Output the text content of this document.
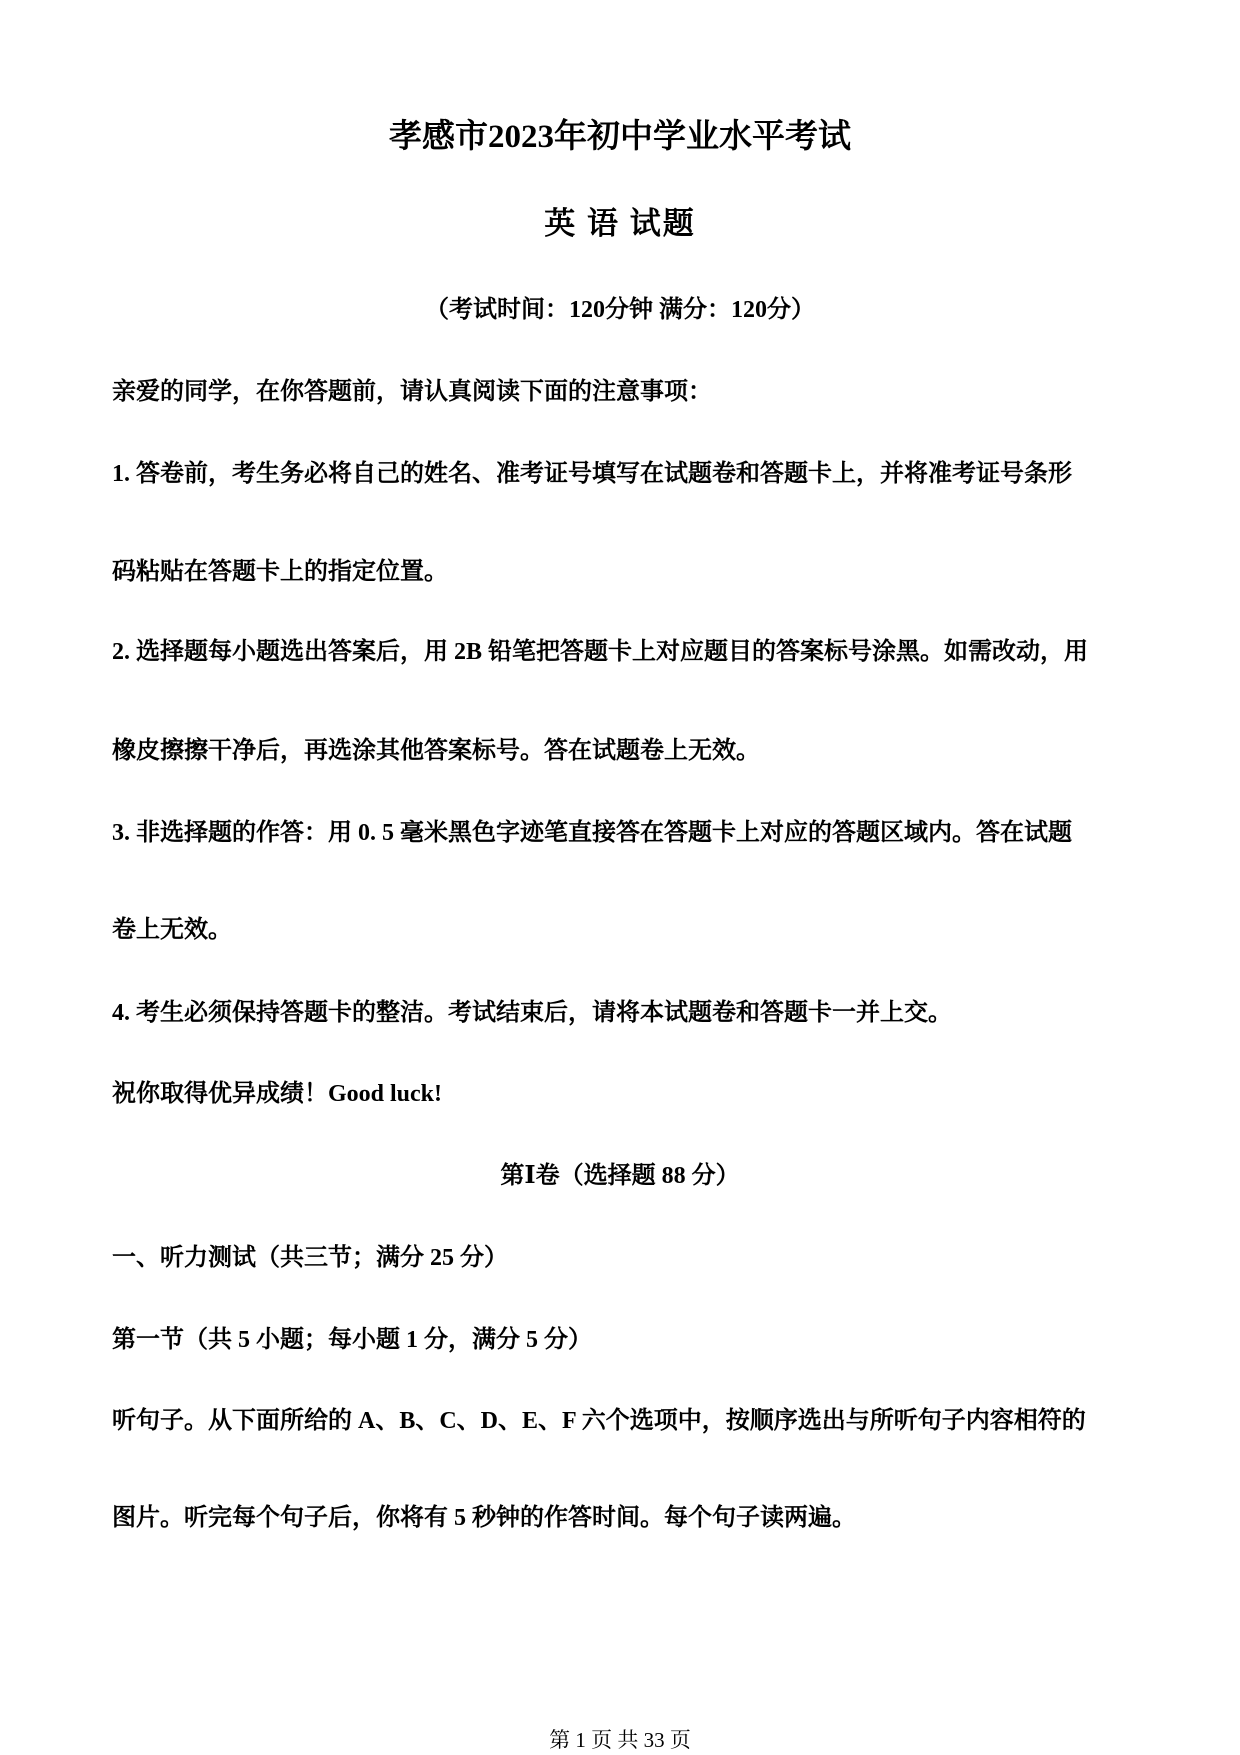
孝感市2023年初中学业水平考试
英 语 试题
（考试时间：120分钟 满分：120分）
亲爱的同学，在你答题前，请认真阅读下面的注意事项：
1. 答卷前，考生务必将自己的姓名、准考证号填写在试题卷和答题卡上，并将准考证号条形
码粘贴在答题卡上的指定位置。
2. 选择题每小题选出答案后，用 2B 铅笔把答题卡上对应题目的答案标号涂黑。如需改动，用
橡皮擦擦干净后，再选涂其他答案标号。答在试题卷上无效。
3. 非选择题的作答：用 0. 5 毫米黑色字迹笔直接答在答题卡上对应的答题区域内。答在试题
卷上无效。
4. 考生必须保持答题卡的整洁。考试结束后，请将本试题卷和答题卡一并上交。
祝你取得优异成绩！Good luck!
第Ⅰ卷（选择题 88 分）
一、听力测试（共三节；满分 25 分）
第一节（共 5 小题；每小题 1 分，满分 5 分）
听句子。从下面所给的 A、B、C、D、E、F 六个选项中，按顺序选出与所听句子内容相符的
图片。听完每个句子后，你将有 5 秒钟的作答时间。每个句子读两遍。
第 1 页 共 33 页
